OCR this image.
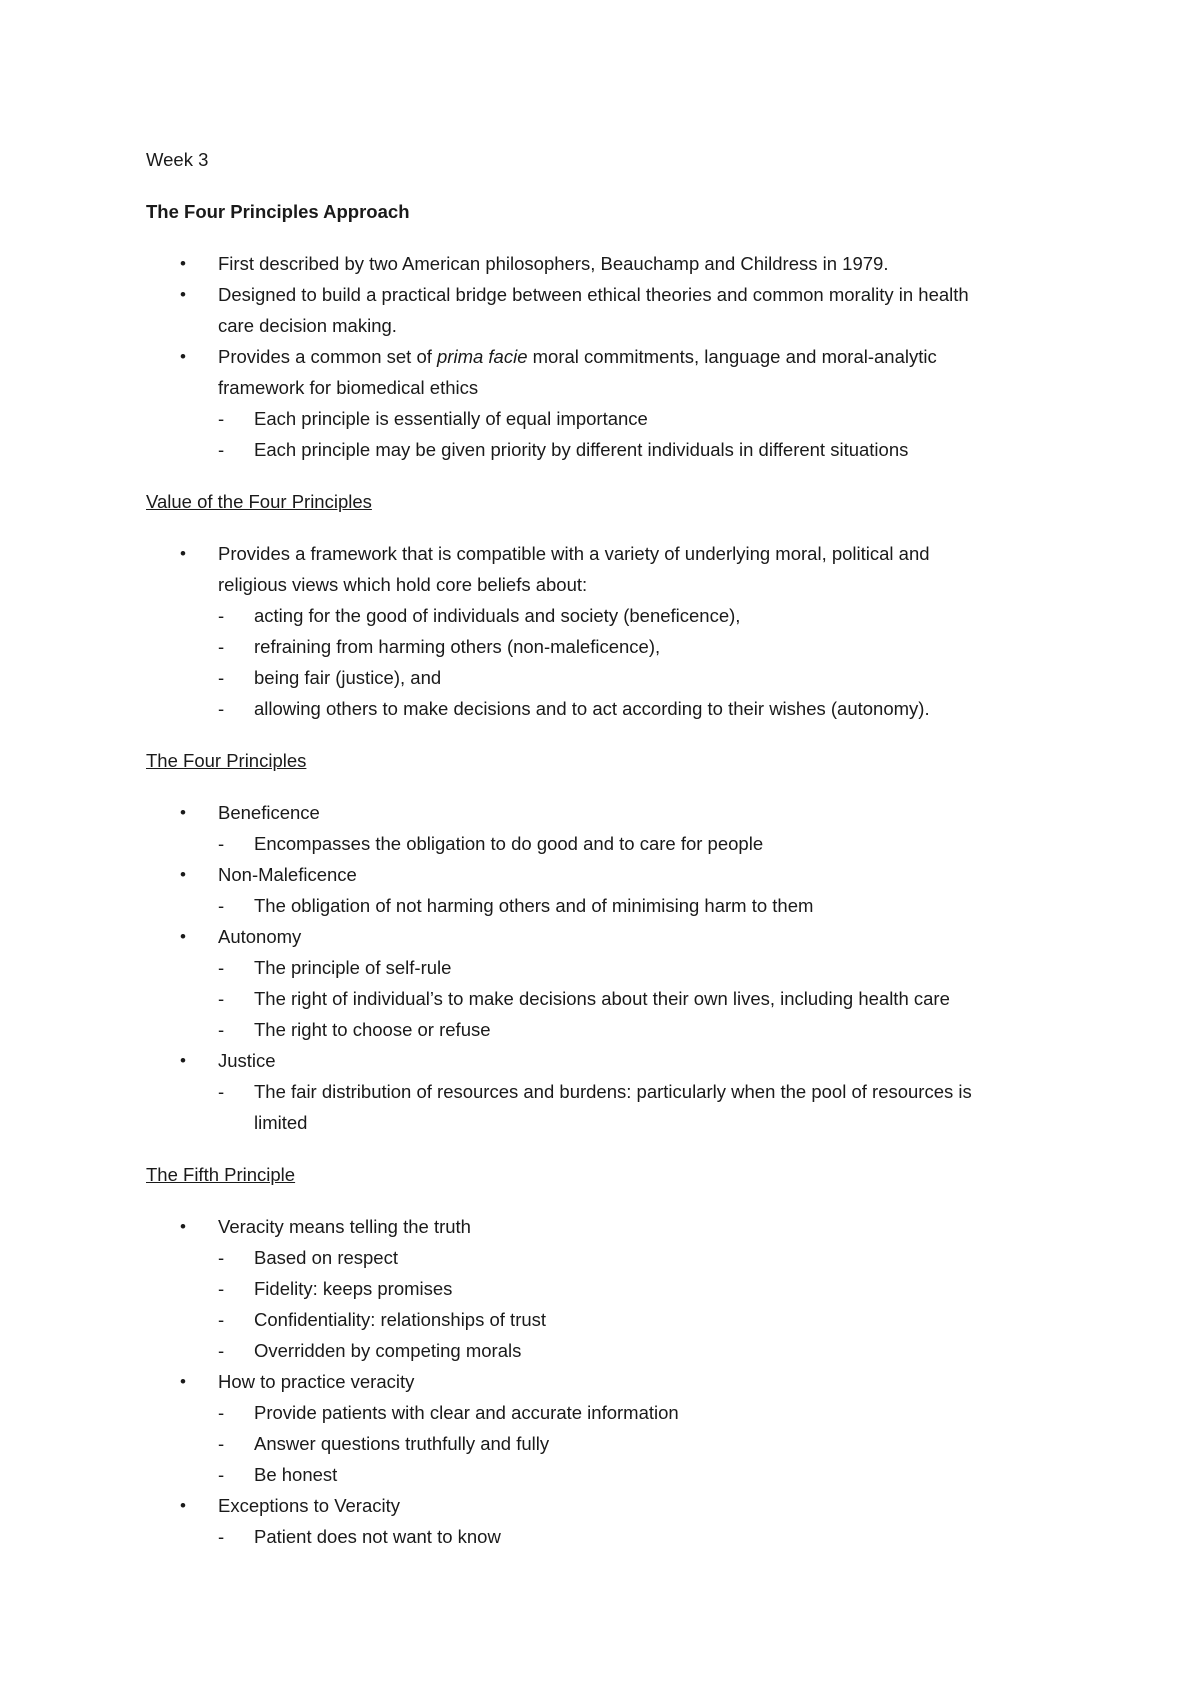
Week 3
The Four Principles Approach
• First described by two American philosophers, Beauchamp and Childress in 1979.
• Designed to build a practical bridge between ethical theories and common morality in health
care decision making.
• Provides a common set of prima facie moral commitments, language and moral-analytic
framework for biomedical ethics
- Each principle is essentially of equal importance
- Each principle may be given priority by different individuals in different situations
Value of the Four Principles
• Provides a framework that is compatible with a variety of underlying moral, political and
religious views which hold core beliefs about:
- acting for the good of individuals and society (beneficence),
- refraining from harming others (non-maleficence),
- being fair (justice), and
- allowing others to make decisions and to act according to their wishes (autonomy).
The Four Principles
• Beneficence
- Encompasses the obligation to do good and to care for people
• Non-Maleficence
- The obligation of not harming others and of minimising harm to them
• Autonomy
- The principle of self-rule
- The right of individual’s to make decisions about their own lives, including health care
- The right to choose or refuse
• Justice
- The fair distribution of resources and burdens: particularly when the pool of resources is
limited
The Fifth Principle
• Veracity means telling the truth
- Based on respect
- Fidelity: keeps promises
- Confidentiality: relationships of trust
- Overridden by competing morals
• How to practice veracity
- Provide patients with clear and accurate information
- Answer questions truthfully and fully
- Be honest
• Exceptions to Veracity
- Patient does not want to know
